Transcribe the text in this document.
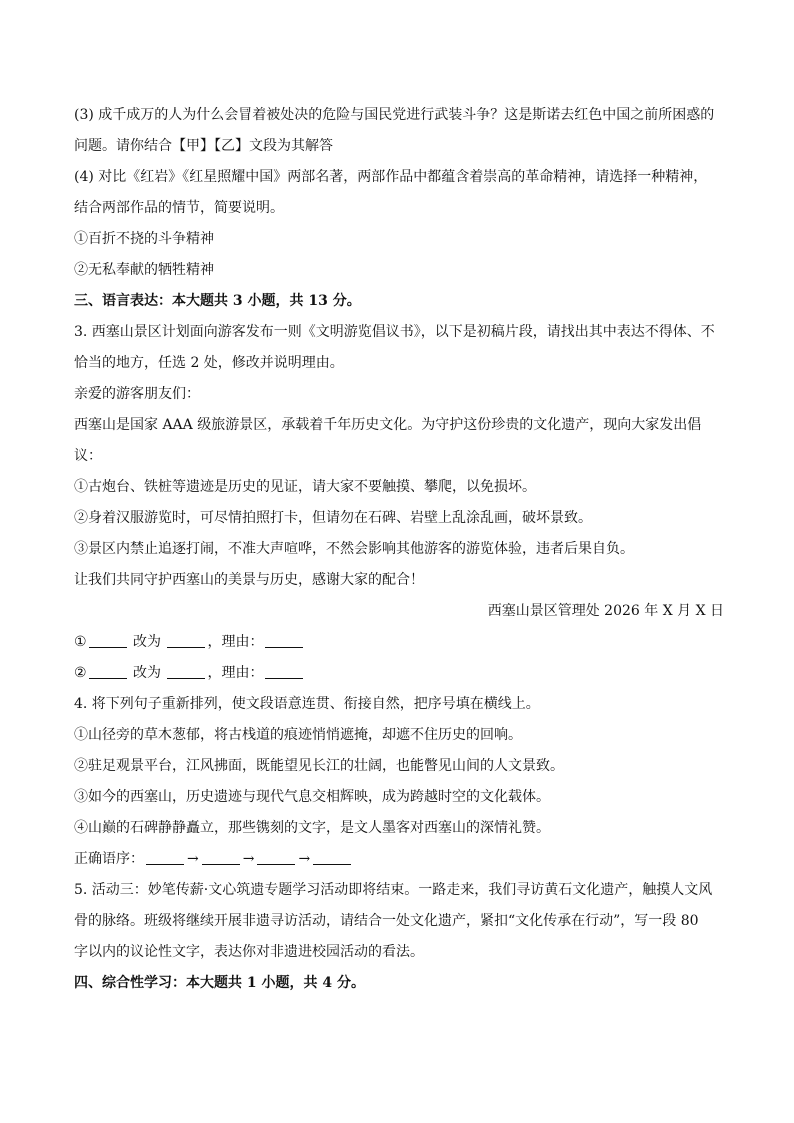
(3) 成千成万的人为什么会冒着被处决的危险与国民党进行武装斗争？这是斯诺去红色中国之前所困惑的
问题。请你结合【甲】【乙】文段为其解答
(4) 对比《红岩》《红星照耀中国》两部名著，两部作品中都蕴含着崇高的革命精神，请选择一种精神，
结合两部作品的情节，简要说明。
①百折不挠的斗争精神
②无私奉献的牺牲精神
三、语言表达：本大题共 3 小题，共 13 分。
3. 西塞山景区计划面向游客发布一则《文明游览倡议书》，以下是初稿片段，请找出其中表达不得体、不
恰当的地方，任选 2 处，修改并说明理由。
亲爱的游客朋友们：
西塞山是国家 AAA 级旅游景区，承载着千年历史文化。为守护这份珍贵的文化遗产，现向大家发出倡
议：
①古炮台、铁桩等遗迹是历史的见证，请大家不要触摸、攀爬，以免损坏。
②身着汉服游览时，可尽情拍照打卡，但请勿在石碑、岩壁上乱涂乱画，破坏景致。
③景区内禁止追逐打闹，不准大声喧哗，不然会影响其他游客的游览体验，违者后果自负。
让我们共同守护西塞山的美景与历史，感谢大家的配合！
西塞山景区管理处 2026 年 X 月 X 日
①	改为	，理由：
②	改为	，理由：
4. 将下列句子重新排列，使文段语意连贯、衔接自然，把序号填在横线上。
①山径旁的草木葱郁，将古栈道的痕迹悄悄遮掩，却遮不住历史的回响。
②驻足观景平台，江风拂面，既能望见长江的壮阔，也能瞥见山间的人文景致。
③如今的西塞山，历史遗迹与现代气息交相辉映，成为跨越时空的文化载体。
④山巅的石碑静静矗立，那些镌刻的文字，是文人墨客对西塞山的深情礼赞。
正确语序：	→	→	→
5. 活动三：妙笔传薪·文心筑遗专题学习活动即将结束。一路走来，我们寻访黄石文化遗产，触摸人文风
骨的脉络。班级将继续开展非遗寻访活动，请结合一处文化遗产，紧扣“文化传承在行动”，写一段 80
字以内的议论性文字，表达你对非遗进校园活动的看法。
四、综合性学习：本大题共 1 小题，共 4 分。
